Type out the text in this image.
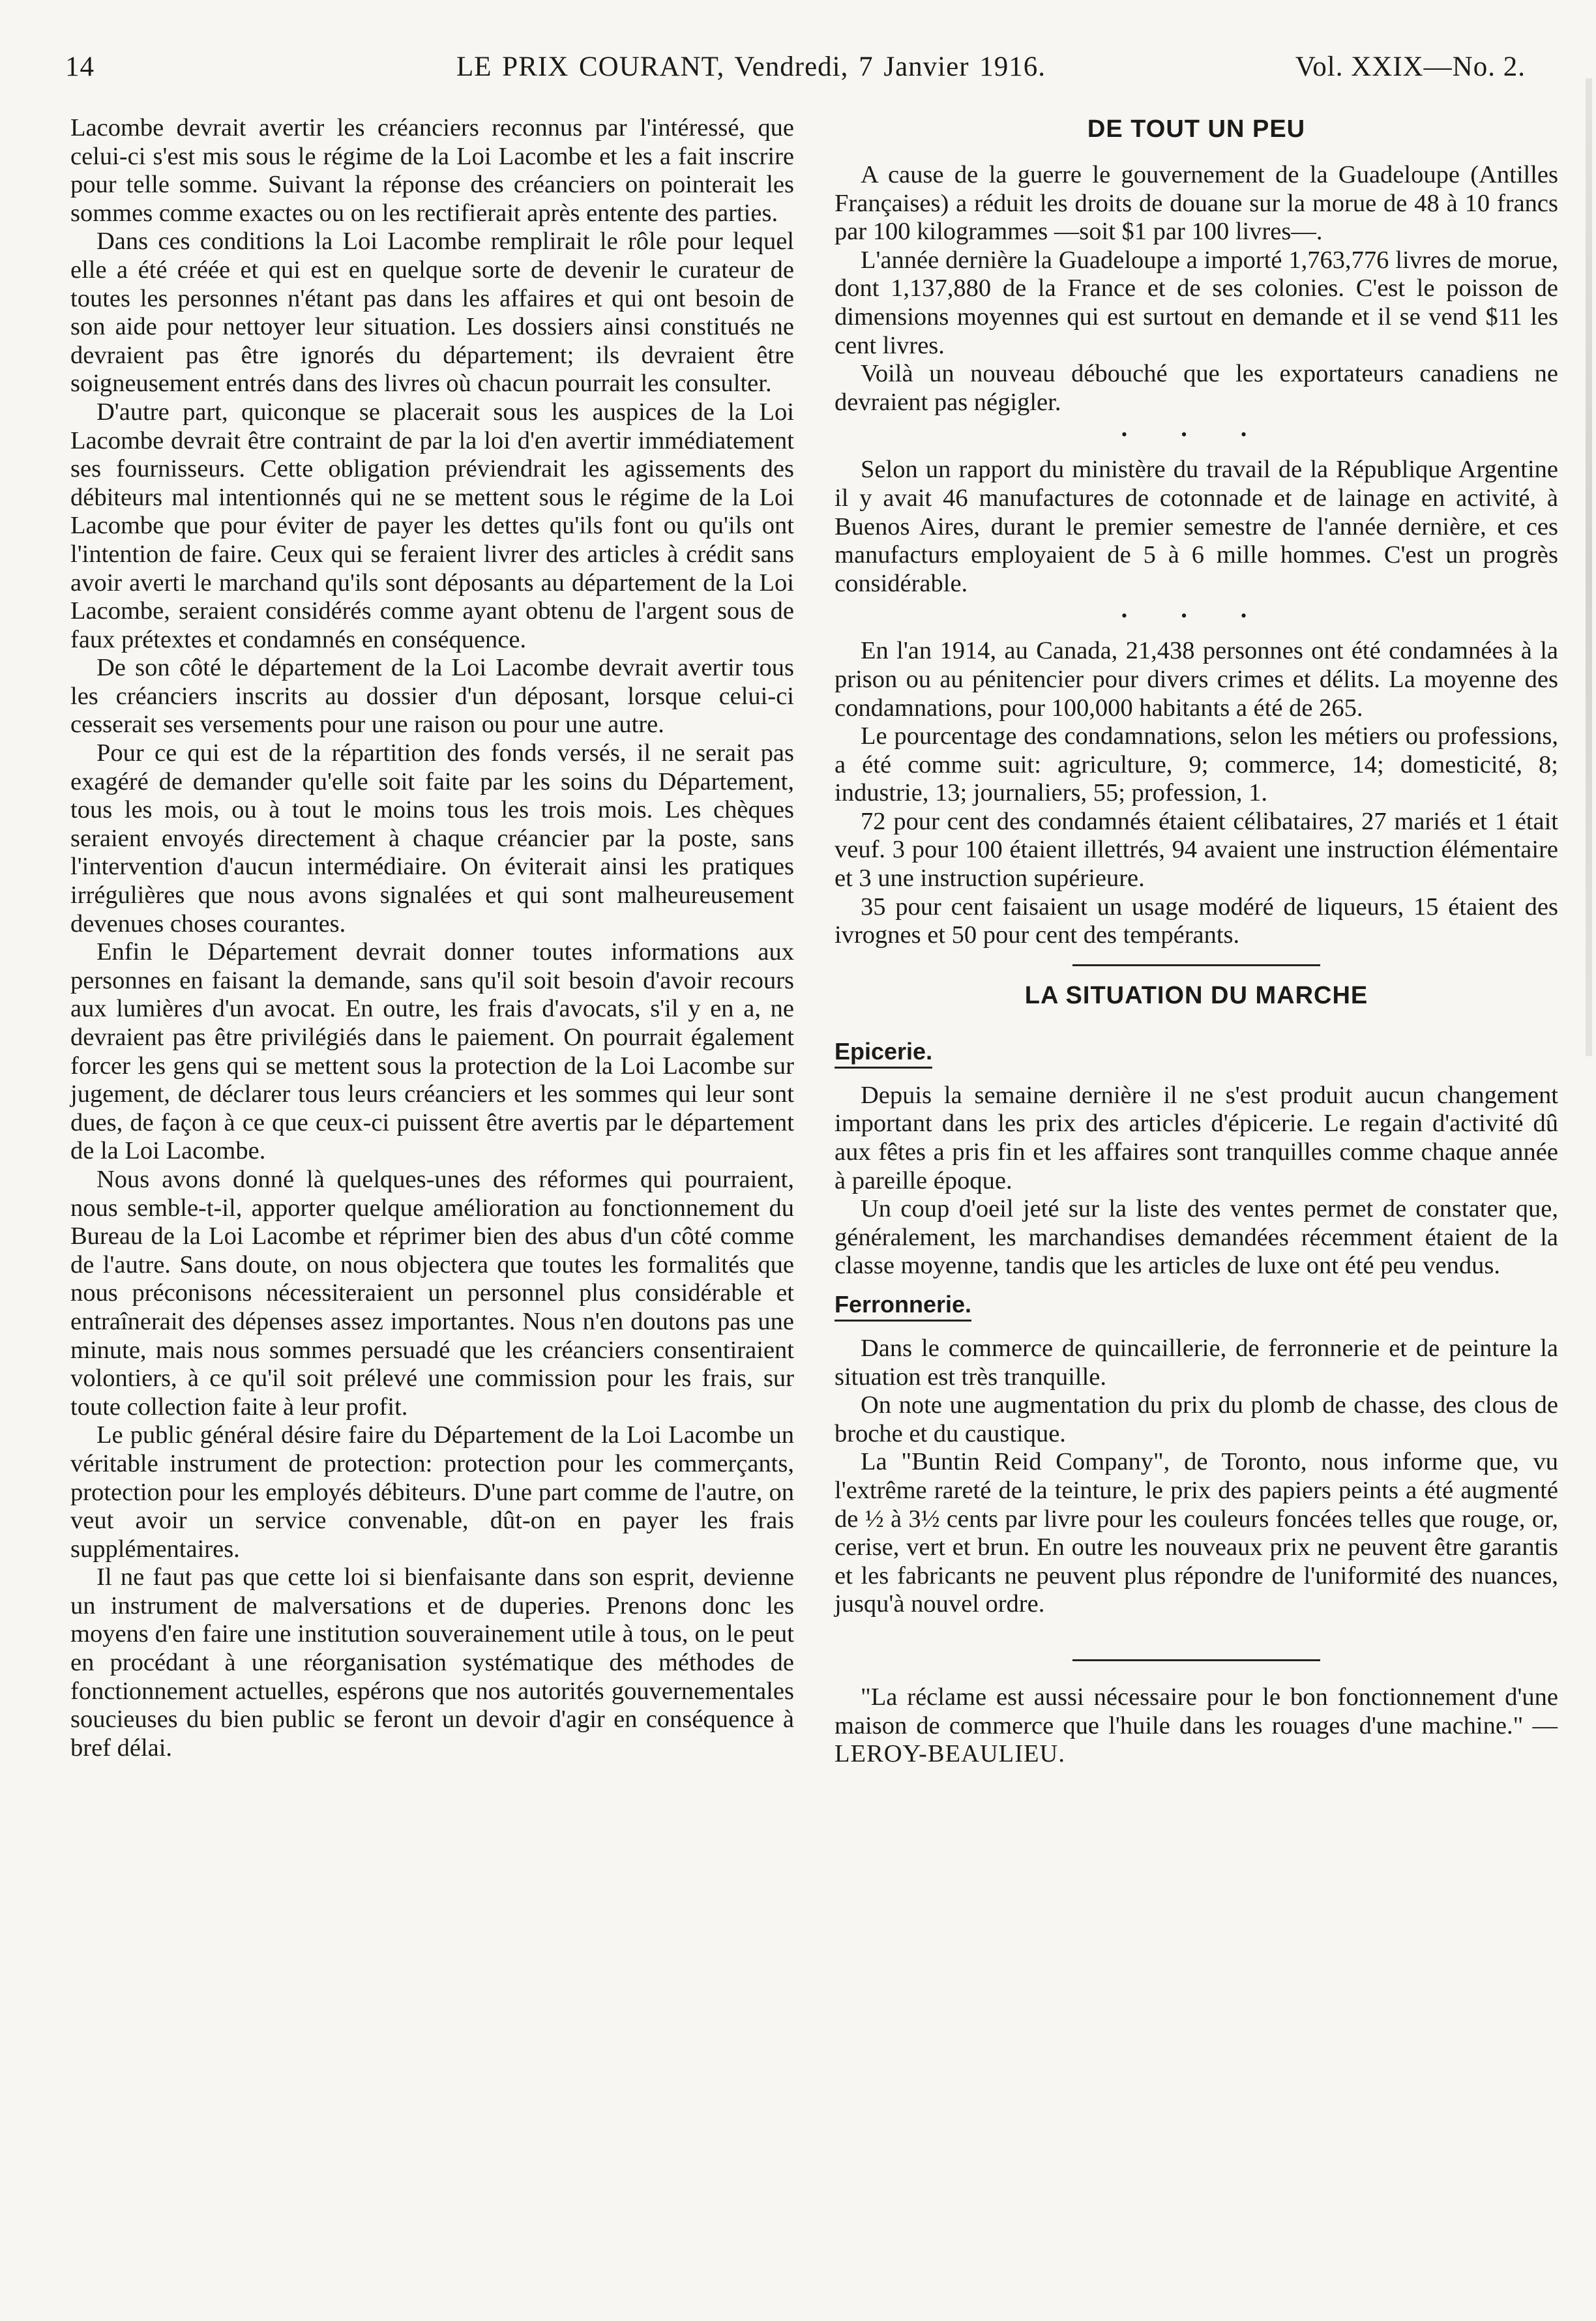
14	LE PRIX COURANT, Vendredi, 7 Janvier 1916.	Vol. XXIX—No. 2.

Lacombe devrait avertir les créanciers reconnus par l'intéressé, que celui-ci s'est mis sous le régime de la Loi Lacombe et les a fait inscrire pour telle somme. Suivant la réponse des créanciers on pointerait les sommes comme exactes ou on les rectifierait après entente des parties.

Dans ces conditions la Loi Lacombe remplirait le rôle pour lequel elle a été créée et qui est en quelque sorte de devenir le curateur de toutes les personnes n'étant pas dans les affaires et qui ont besoin de son aide pour nettoyer leur situation. Les dossiers ainsi constitués ne devraient pas être ignorés du département; ils devraient être soigneusement entrés dans des livres où chacun pourrait les consulter.

D'autre part, quiconque se placerait sous les auspices de la Loi Lacombe devrait être contraint de par la loi d'en avertir immédiatement ses fournisseurs. Cette obligation préviendrait les agissements des débiteurs mal intentionnés qui ne se mettent sous le régime de la Loi Lacombe que pour éviter de payer les dettes qu'ils font ou qu'ils ont l'intention de faire. Ceux qui se feraient livrer des articles à crédit sans avoir averti le marchand qu'ils sont déposants au département de la Loi Lacombe, seraient considérés comme ayant obtenu de l'argent sous de faux prétextes et condamnés en conséquence.

De son côté le département de la Loi Lacombe devrait avertir tous les créanciers inscrits au dossier d'un déposant, lorsque celui-ci cesserait ses versements pour une raison ou pour une autre.

Pour ce qui est de la répartition des fonds versés, il ne serait pas exagéré de demander qu'elle soit faite par les soins du Département, tous les mois, ou à tout le moins tous les trois mois. Les chèques seraient envoyés directement à chaque créancier par la poste, sans l'intervention d'aucun intermédiaire. On éviterait ainsi les pratiques irrégulières que nous avons signalées et qui sont malheureusement devenues choses courantes.

Enfin le Département devrait donner toutes informations aux personnes en faisant la demande, sans qu'il soit besoin d'avoir recours aux lumières d'un avocat. En outre, les frais d'avocats, s'il y en a, ne devraient pas être privilégiés dans le paiement. On pourrait également forcer les gens qui se mettent sous la protection de la Loi Lacombe sur jugement, de déclarer tous leurs créanciers et les sommes qui leur sont dues, de façon à ce que ceux-ci puissent être avertis par le département de la Loi Lacombe.

Nous avons donné là quelques-unes des réformes qui pourraient, nous semble-t-il, apporter quelque amélioration au fonctionnement du Bureau de la Loi Lacombe et réprimer bien des abus d'un côté comme de l'autre. Sans doute, on nous objectera que toutes les formalités que nous préconisons nécessiteraient un personnel plus considérable et entraînerait des dépenses assez importantes. Nous n'en doutons pas une minute, mais nous sommes persuadé que les créanciers consentiraient volontiers, à ce qu'il soit prélevé une commission pour les frais, sur toute collection faite à leur profit.

Le public général désire faire du Département de la Loi Lacombe un véritable instrument de protection: protection pour les commerçants, protection pour les employés débiteurs. D'une part comme de l'autre, on veut avoir un service convenable, dût-on en payer les frais supplémentaires.

Il ne faut pas que cette loi si bienfaisante dans son esprit, devienne un instrument de malversations et de duperies. Prenons donc les moyens d'en faire une institution souverainement utile à tous, on le peut en procédant à une réorganisation systématique des méthodes de fonctionnement actuelles, espérons que nos autorités gouvernementales soucieuses du bien public se feront un devoir d'agir en conséquence à bref délai.

DE TOUT UN PEU

A cause de la guerre le gouvernement de la Guadeloupe (Antilles Françaises) a réduit les droits de douane sur la morue de 48 à 10 francs par 100 kilogrammes —soit $1 par 100 livres—.

L'année dernière la Guadeloupe a importé 1,763,776 livres de morue, dont 1,137,880 de la France et de ses colonies. C'est le poisson de dimensions moyennes qui est surtout en demande et il se vend $11 les cent livres.

Voilà un nouveau débouché que les exportateurs canadiens ne devraient pas négigler.

• • •

Selon un rapport du ministère du travail de la République Argentine il y avait 46 manufactures de cotonnade et de lainage en activité, à Buenos Aires, durant le premier semestre de l'année dernière, et ces manufacturs employaient de 5 à 6 mille hommes. C'est un progrès considérable.

• • •

En l'an 1914, au Canada, 21,438 personnes ont été condamnées à la prison ou au pénitencier pour divers crimes et délits. La moyenne des condamnations, pour 100,000 habitants a été de 265.

Le pourcentage des condamnations, selon les métiers ou professions, a été comme suit: agriculture, 9; commerce, 14; domesticité, 8; industrie, 13; journaliers, 55; profession, 1.

72 pour cent des condamnés étaient célibataires, 27 mariés et 1 était veuf. 3 pour 100 étaient illettrés, 94 avaient une instruction élémentaire et 3 une instruction supérieure.

35 pour cent faisaient un usage modéré de liqueurs, 15 étaient des ivrognes et 50 pour cent des tempérants.

LA SITUATION DU MARCHE
Epicerie.

Depuis la semaine dernière il ne s'est produit aucun changement important dans les prix des articles d'épicerie. Le regain d'activité dû aux fêtes a pris fin et les affaires sont tranquilles comme chaque année à pareille époque.

Un coup d'oeil jeté sur la liste des ventes permet de constater que, généralement, les marchandises demandées récemment étaient de la classe moyenne, tandis que les articles de luxe ont été peu vendus.

Ferronnerie.

Dans le commerce de quincaillerie, de ferronnerie et de peinture la situation est très tranquille.

On note une augmentation du prix du plomb de chasse, des clous de broche et du caustique.

La "Buntin Reid Company", de Toronto, nous informe que, vu l'extrême rareté de la teinture, le prix des papiers peints a été augmenté de ½ à 3½ cents par livre pour les couleurs foncées telles que rouge, or, cerise, vert et brun. En outre les nouveaux prix ne peuvent être garantis et les fabricants ne peuvent plus répondre de l'uniformité des nuances, jusqu'à nouvel ordre.

"La réclame est aussi nécessaire pour le bon fonctionnement d'une maison de commerce que l'huile dans les rouages d'une machine." — LEROY-BEAULIEU.
